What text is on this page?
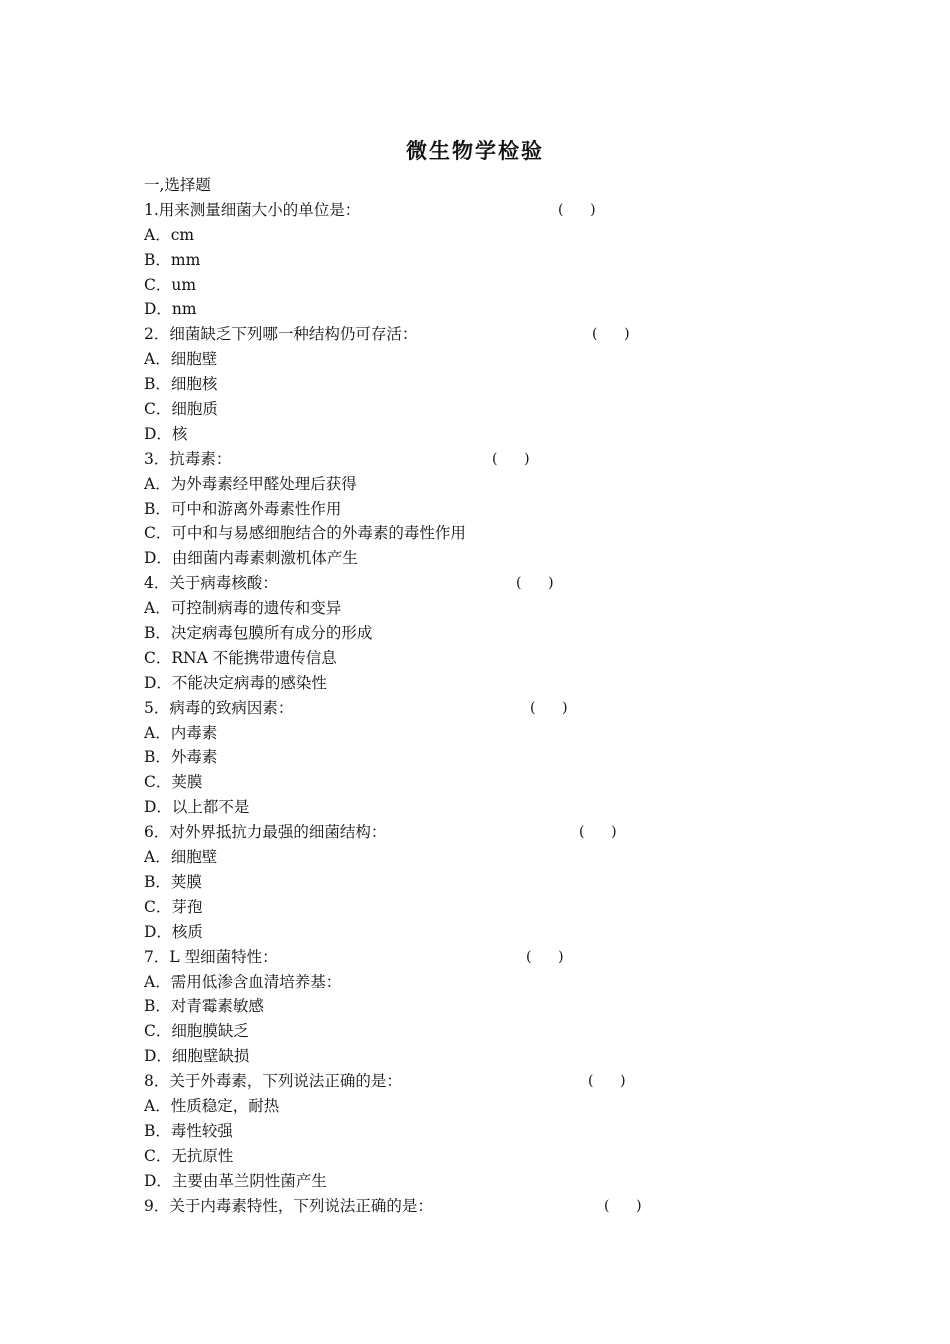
微生物学检验
一,选择题
1.用来测量细菌大小的单位是：	(      )
A．cm
B．mm
C．um
D．nm
2．细菌缺乏下列哪一种结构仍可存活：	(      )
A．细胞壁
B．细胞核
C．细胞质
D．核
3．抗毒素：	(      )
A．为外毒素经甲醛处理后获得
B．可中和游离外毒素性作用
C．可中和与易感细胞结合的外毒素的毒性作用
D．由细菌内毒素刺激机体产生
4．关于病毒核酸：	(      )
A．可控制病毒的遗传和变异
B．决定病毒包膜所有成分的形成
C．RNA 不能携带遗传信息
D．不能决定病毒的感染性
5．病毒的致病因素：	(      )
A．内毒素
B．外毒素
C．荚膜
D．以上都不是
6．对外界抵抗力最强的细菌结构：	(      )
A．细胞壁
B．荚膜
C．芽孢
D．核质
7．L 型细菌特性：	(      )
A．需用低渗含血清培养基：
B．对青霉素敏感
C．细胞膜缺乏
D．细胞壁缺损
8．关于外毒素，下列说法正确的是：	(      )
A．性质稳定，耐热
B．毒性较强
C．无抗原性
D．主要由革兰阴性菌产生
9．关于内毒素特性，下列说法正确的是：	(      )
